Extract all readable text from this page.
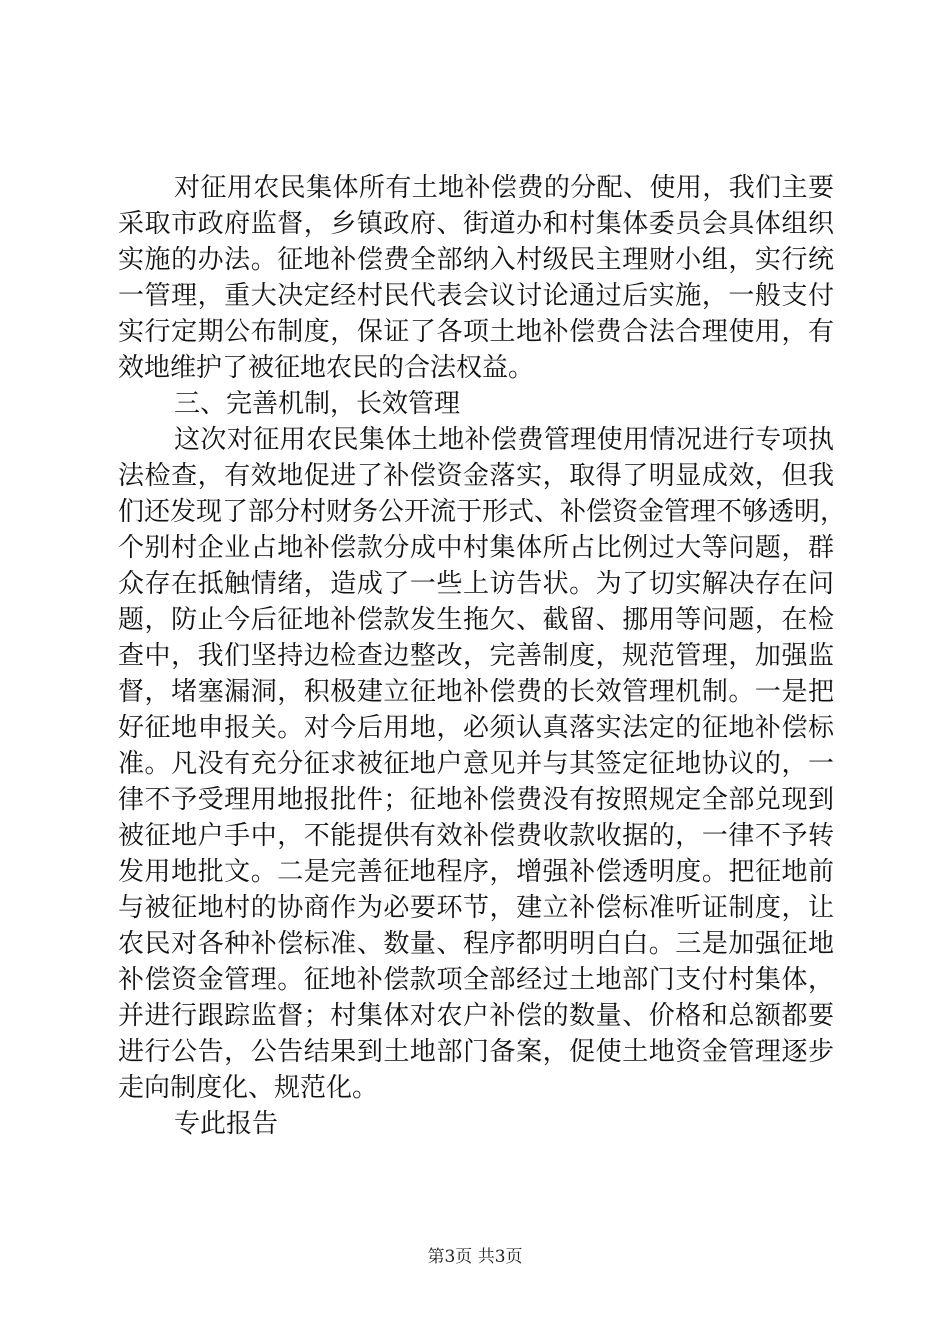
对征用农民集体所有土地补偿费的分配、使用，我们主要
采取市政府监督，乡镇政府、街道办和村集体委员会具体组织
实施的办法。征地补偿费全部纳入村级民主理财小组，实行统
一管理，重大决定经村民代表会议讨论通过后实施，一般支付
实行定期公布制度，保证了各项土地补偿费合法合理使用，有
效地维护了被征地农民的合法权益。
三、完善机制，长效管理
这次对征用农民集体土地补偿费管理使用情况进行专项执
法检查，有效地促进了补偿资金落实，取得了明显成效，但我
们还发现了部分村财务公开流于形式、补偿资金管理不够透明，
个别村企业占地补偿款分成中村集体所占比例过大等问题，群
众存在抵触情绪，造成了一些上访告状。为了切实解决存在问
题，防止今后征地补偿款发生拖欠、截留、挪用等问题，在检
查中，我们坚持边检查边整改，完善制度，规范管理，加强监
督，堵塞漏洞，积极建立征地补偿费的长效管理机制。一是把
好征地申报关。对今后用地，必须认真落实法定的征地补偿标
准。凡没有充分征求被征地户意见并与其签定征地协议的，一
律不予受理用地报批件；征地补偿费没有按照规定全部兑现到
被征地户手中，不能提供有效补偿费收款收据的，一律不予转
发用地批文。二是完善征地程序，增强补偿透明度。把征地前
与被征地村的协商作为必要环节，建立补偿标准听证制度，让
农民对各种补偿标准、数量、程序都明明白白。三是加强征地
补偿资金管理。征地补偿款项全部经过土地部门支付村集体，
并进行跟踪监督；村集体对农户补偿的数量、价格和总额都要
进行公告，公告结果到土地部门备案，促使土地资金管理逐步
走向制度化、规范化。
专此报告
第3页 共3页
